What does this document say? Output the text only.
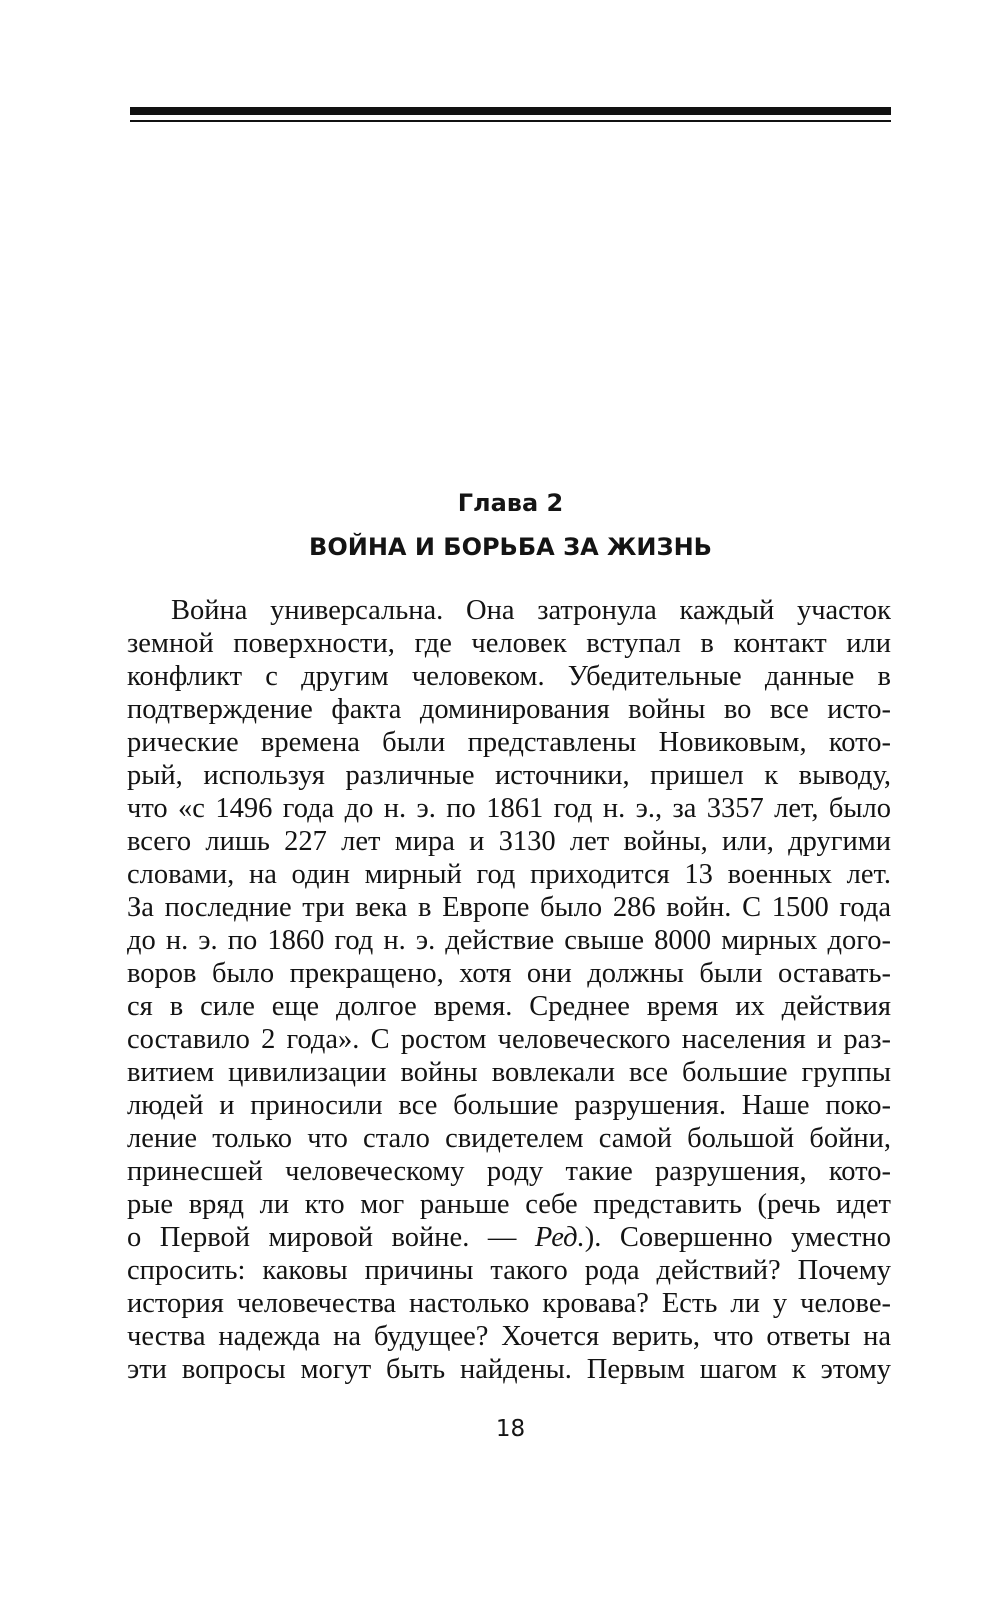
Глава 2
ВОЙНА И БОРЬБА ЗА ЖИЗНЬ
Война универсальна. Она затронула каждый участок
земной поверхности, где человек вступал в контакт или
конфликт с другим человеком. Убедительные данные в
подтверждение факта доминирования войны во все исто-
рические времена были представлены Новиковым, кото-
рый, используя различные источники, пришел к выводу,
что «с 1496 года до н. э. по 1861 год н. э., за 3357 лет, было
всего лишь 227 лет мира и 3130 лет войны, или, другими
словами, на один мирный год приходится 13 военных лет.
За последние три века в Европе было 286 войн. С 1500 года
до н. э. по 1860 год н. э. действие свыше 8000 мирных дого-
воров было прекращено, хотя они должны были оставать-
ся в силе еще долгое время. Среднее время их действия
составило 2 года». С ростом человеческого населения и раз-
витием цивилизации войны вовлекали все большие группы
людей и приносили все большие разрушения. Наше поко-
ление только что стало свидетелем самой большой бойни,
принесшей человеческому роду такие разрушения, кото-
рые вряд ли кто мог раньше себе представить (речь идет
о Первой мировой войне. — Ред.). Совершенно уместно
спросить: каковы причины такого рода действий? Почему
история человечества настолько кровава? Есть ли у челове-
чества надежда на будущее? Хочется верить, что ответы на
эти вопросы могут быть найдены. Первым шагом к этому
18
